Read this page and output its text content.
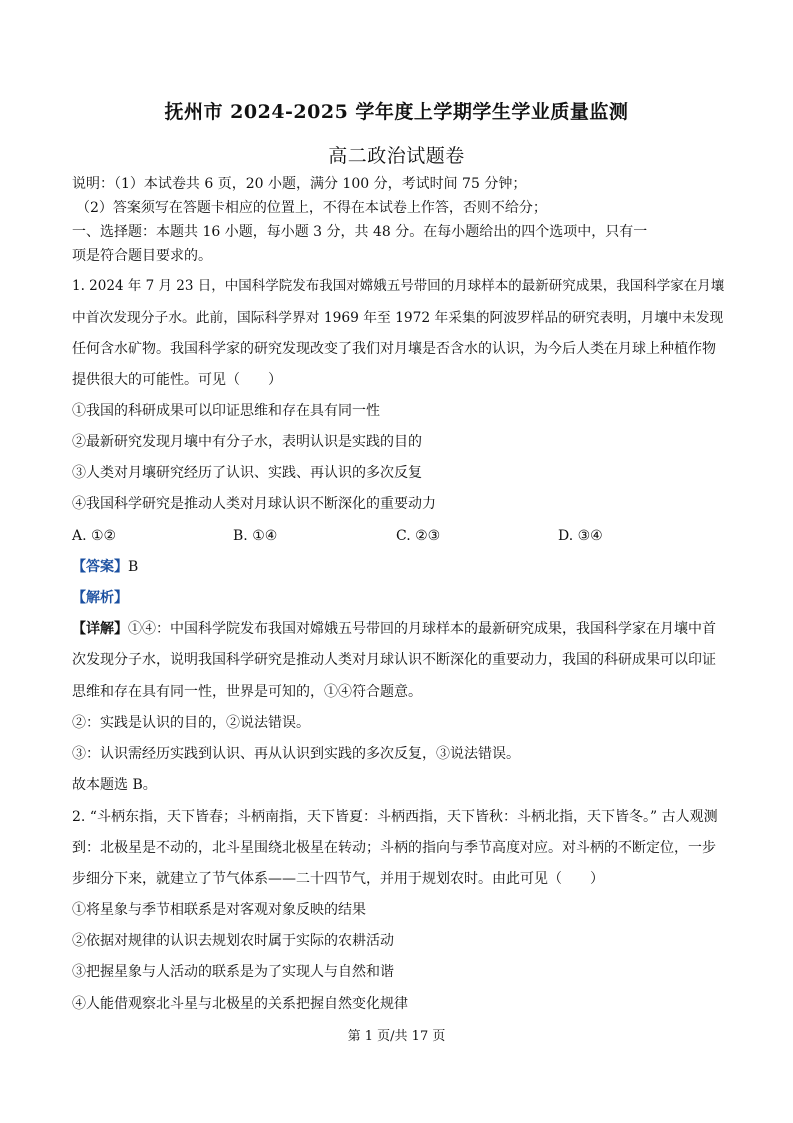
抚州市 2024-2025 学年度上学期学生学业质量监测
高二政治试题卷
说明：（1）本试卷共 6 页，20 小题，满分 100 分，考试时间 75 分钟；
（2）答案须写在答题卡相应的位置上，不得在本试卷上作答，否则不给分；
一、选择题：本题共 16 小题，每小题 3 分，共 48 分。在每小题给出的四个选项中，只有一
项是符合题目要求的。
1. 2024 年 7 月 23 日，中国科学院发布我国对嫦娥五号带回的月球样本的最新研究成果，我国科学家在月壤
中首次发现分子水。此前，国际科学界对 1969 年至 1972 年采集的阿波罗样品的研究表明，月壤中未发现
任何含水矿物。我国科学家的研究发现改变了我们对月壤是否含水的认识，为今后人类在月球上种植作物
提供很大的可能性。可见（　　）
①我国的科研成果可以印证思维和存在具有同一性
②最新研究发现月壤中有分子水，表明认识是实践的目的
③人类对月壤研究经历了认识、实践、再认识的多次反复
④我国科学研究是推动人类对月球认识不断深化的重要动力
A. ①②	B. ①④	C. ②③	D. ③④
【答案】B
【解析】
【详解】①④：中国科学院发布我国对嫦娥五号带回的月球样本的最新研究成果，我国科学家在月壤中首
次发现分子水，说明我国科学研究是推动人类对月球认识不断深化的重要动力，我国的科研成果可以印证
思维和存在具有同一性，世界是可知的，①④符合题意。
②：实践是认识的目的，②说法错误。
③：认识需经历实践到认识、再从认识到实践的多次反复，③说法错误。
故本题选 B。
2. “斗柄东指，天下皆春；斗柄南指，天下皆夏：斗柄西指，天下皆秋：斗柄北指，天下皆冬。” 古人观测
到：北极星是不动的，北斗星围绕北极星在转动；斗柄的指向与季节高度对应。对斗柄的不断定位，一步
步细分下来，就建立了节气体系——二十四节气，并用于规划农时。由此可见（　　）
①将星象与季节相联系是对客观对象反映的结果
②依据对规律的认识去规划农时属于实际的农耕活动
③把握星象与人活动的联系是为了实现人与自然和谐
④人能借观察北斗星与北极星的关系把握自然变化规律
第 1 页/共 17 页
